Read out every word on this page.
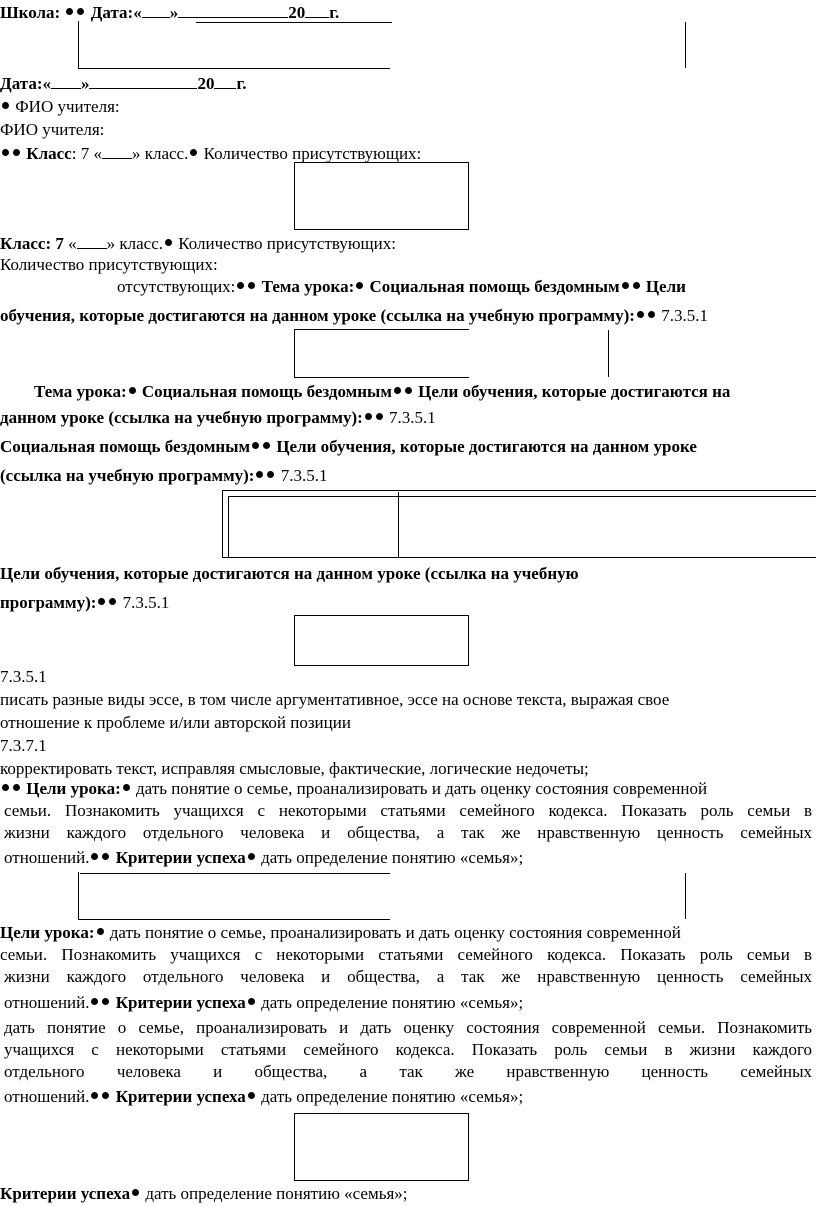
Школа: Дата:« »	20 г.
Дата:« »	20 г.
ФИО учителя:
ФИО учителя:
Класс: 7 « » класс. Количество присутствующих:
Класс: 7 « » класс. Количество присутствующих:
Количество присутствующих:
отсутствующих: Тема урока: Социальная помощь бездомным Цели
обучения, которые достигаются на данном уроке (ссылка на учебную программу): 7.3.5.1
Тема урока: Социальная помощь бездомным Цели обучения, которые достигаются на
данном уроке (ссылка на учебную программу): 7.3.5.1
Социальная помощь бездомным Цели обучения, которые достигаются на данном уроке
(ссылка на учебную программу): 7.3.5.1
Цели обучения, которые достигаются на данном уроке (ссылка на учебную
программу): 7.3.5.1
7.3.5.1
писать разные виды эссе, в том числе аргументативное, эссе на основе текста, выражая свое
отношение к проблеме и/или авторской позиции
7.3.7.1
корректировать текст, исправляя смысловые, фактические, логические недочеты;
Цели урока: дать понятие о семье, проанализировать и дать оценку состояния современной
семьи. Познакомить учащихся с некоторыми статьями семейного кодекса. Показать роль семьи в
жизни каждого отдельного человека и общества, а так же нравственную ценность семейных
отношений. Критерии успеха дать определение понятию «семья»;
Цели урока: дать понятие о семье, проанализировать и дать оценку состояния современной
семьи. Познакомить учащихся с некоторыми статьями семейного кодекса. Показать роль семьи в
жизни каждого отдельного человека и общества, а так же нравственную ценность семейных
отношений. Критерии успеха дать определение понятию «семья»;
дать понятие о семье, проанализировать и дать оценку состояния современной семьи. Познакомить
учащихся с некоторыми статьями семейного кодекса. Показать роль семьи в жизни каждого
отдельного человека и общества, а так же нравственную ценность семейных
отношений. Критерии успеха дать определение понятию «семья»;
Критерии успеха дать определение понятию «семья»;
